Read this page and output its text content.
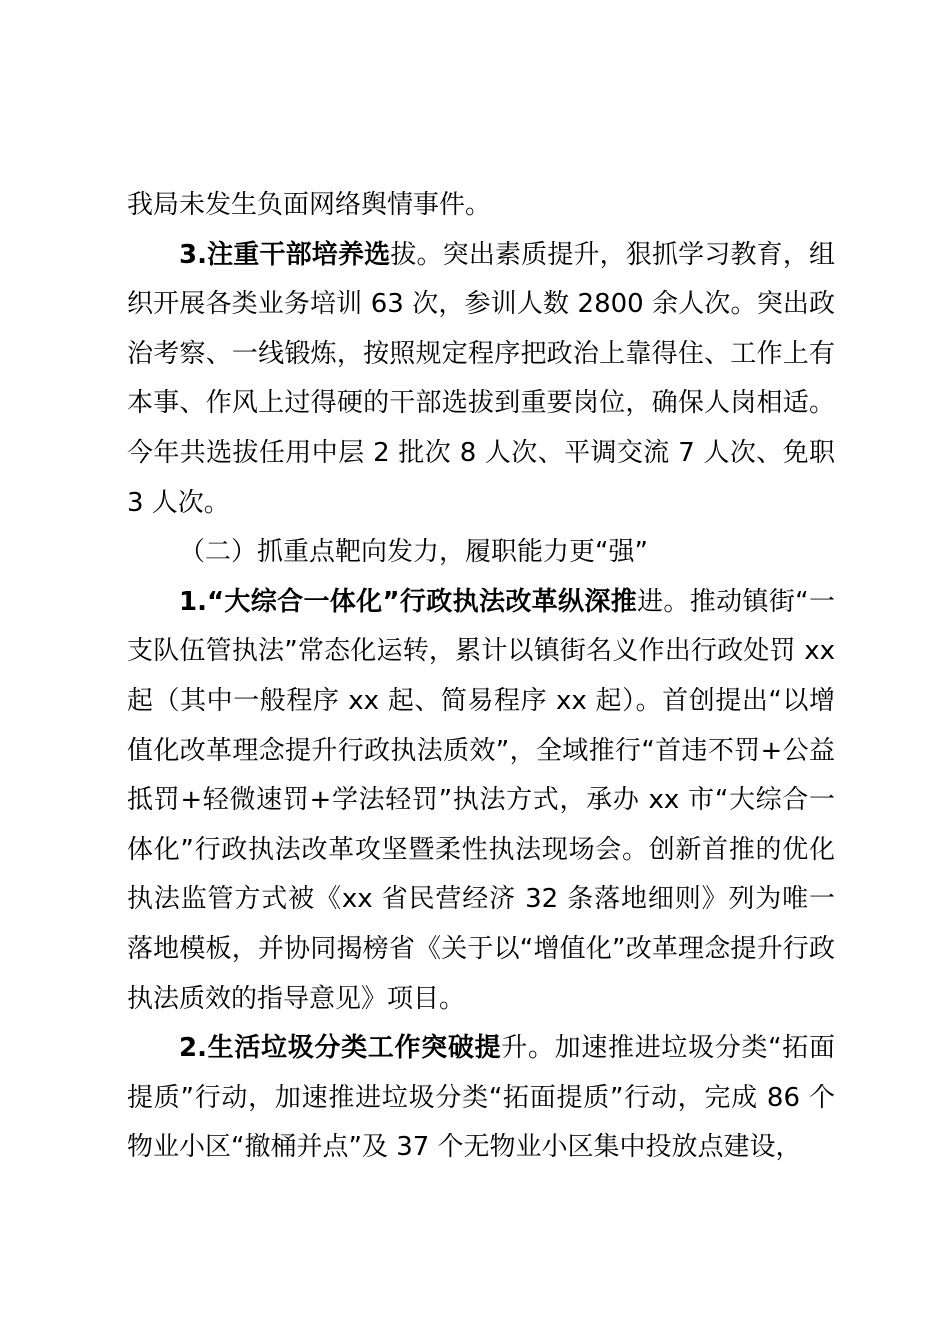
我局未发生负面网络舆情事件。

3.注重干部培养选拔。突出素质提升，狠抓学习教育，组织开展各类业务培训 63 次，参训人数 2800 余人次。突出政治考察、一线锻炼，按照规定程序把政治上靠得住、工作上有本事、作风上过得硬的干部选拔到重要岗位，确保人岗相适。今年共选拔任用中层 2 批次 8 人次、平调交流 7 人次、免职 3 人次。

（二）抓重点靶向发力，履职能力更“强”

1.“大综合一体化”行政执法改革纵深推进。推动镇街“一支队伍管执法”常态化运转，累计以镇街名义作出行政处罚 xx 起（其中一般程序 xx 起、简易程序 xx 起）。首创提出“以增值化改革理念提升行政执法质效”，全域推行“首违不罚+公益抵罚+轻微速罚+学法轻罚”执法方式，承办 xx 市“大综合一体化”行政执法改革攻坚暨柔性执法现场会。创新首推的优化执法监管方式被《xx 省民营经济 32 条落地细则》列为唯一落地模板，并协同揭榜省《关于以“增值化”改革理念提升行政执法质效的指导意见》项目。

2.生活垃圾分类工作突破提升。加速推进垃圾分类“拓面提质”行动，加速推进垃圾分类“拓面提质”行动，完成 86 个物业小区“撤桶并点”及 37 个无物业小区集中投放点建设，
